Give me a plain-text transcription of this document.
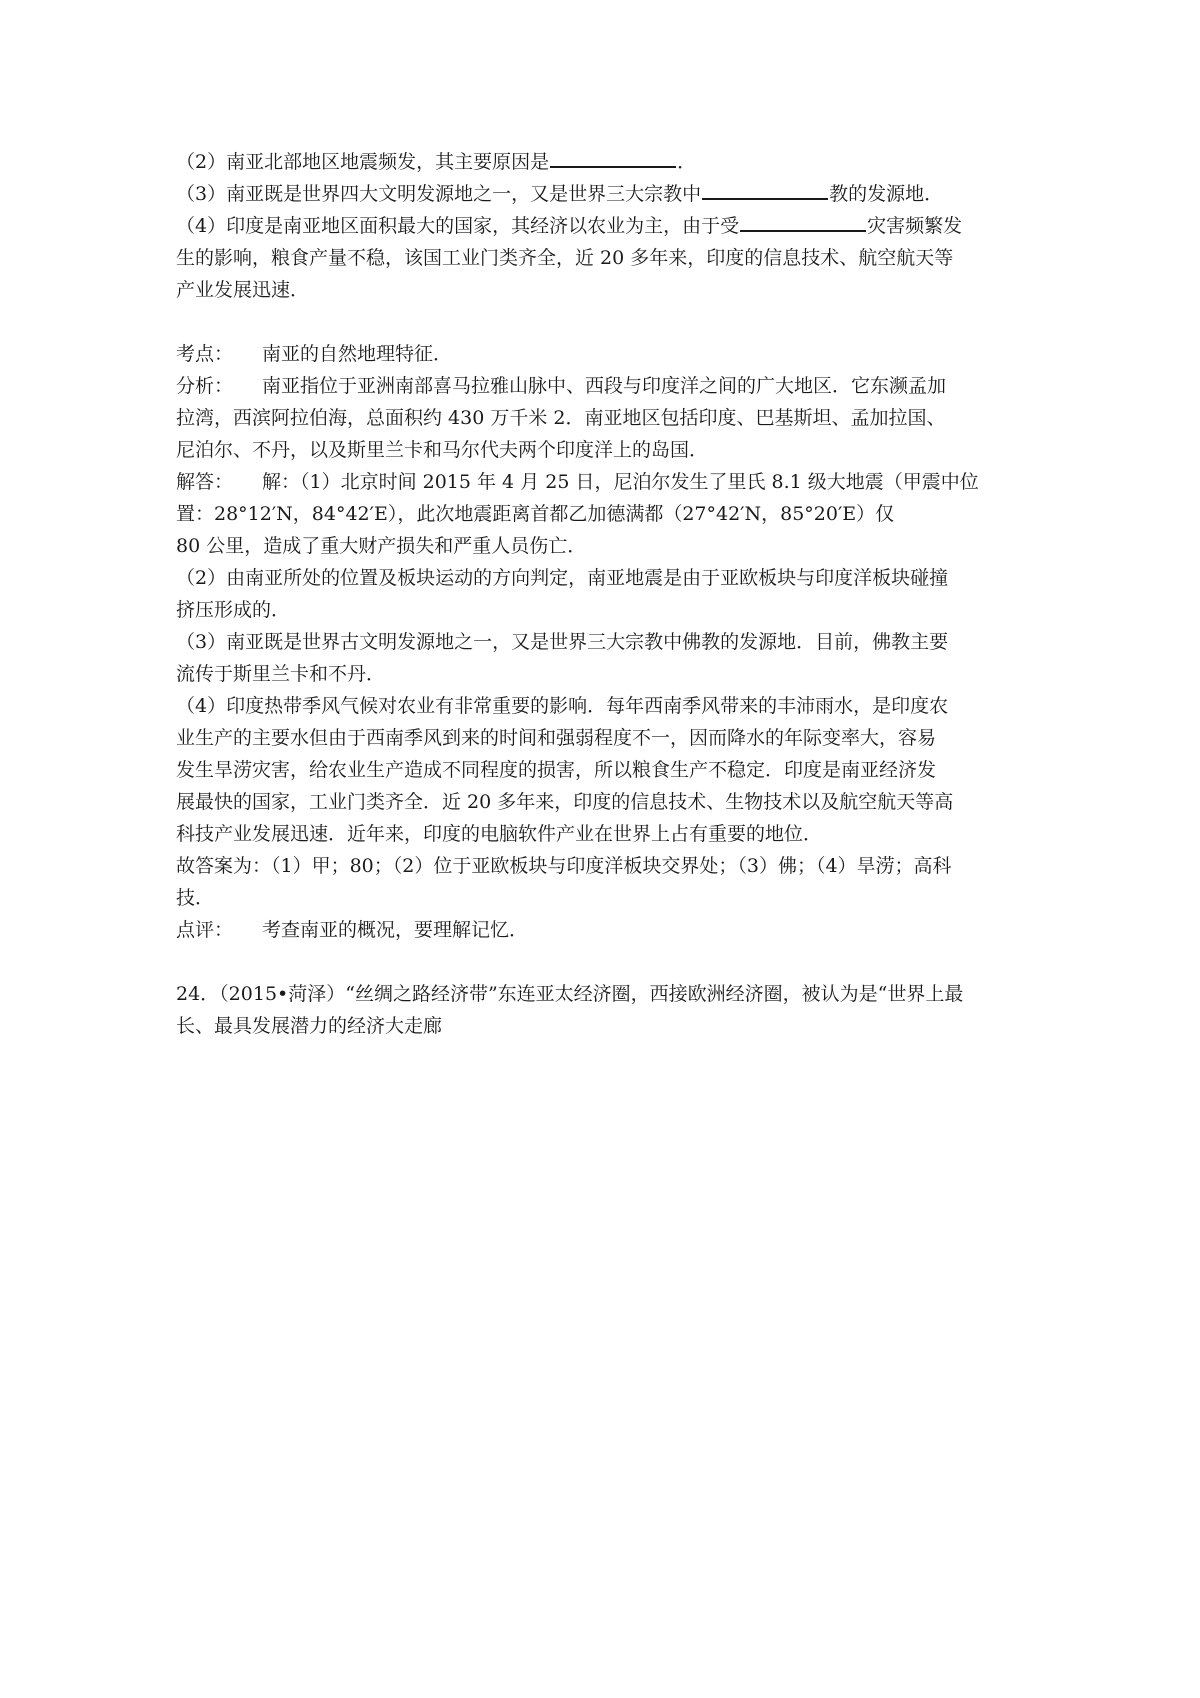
（2）南亚北部地区地震频发，其主要原因是	．

（3）南亚既是世界四大文明发源地之一，又是世界三大宗教中	教的发源地．

（4）印度是南亚地区面积最大的国家，其经济以农业为主，由于受	灾害频繁发

生的影响，粮食产量不稳，该国工业门类齐全，近 20 多年来，印度的信息技术、航空航天等

产业发展迅速．

考点： 南亚的自然地理特征．

分析： 南亚指位于亚洲南部喜马拉雅山脉中、西段与印度洋之间的广大地区．它东濒孟加

拉湾，西滨阿拉伯海，总面积约 430 万千米 2．南亚地区包括印度、巴基斯坦、孟加拉国、

尼泊尔、不丹，以及斯里兰卡和马尔代夫两个印度洋上的岛国．

解答： 解：（1）北京时间 2015 年 4 月 25 日，尼泊尔发生了里氏 8.1 级大地震（甲震中位

置：28°12′N，84°42′E），此次地震距离首都乙加德满都（27°42′N，85°20′E）仅

80 公里，造成了重大财产损失和严重人员伤亡．

（2）由南亚所处的位置及板块运动的方向判定，南亚地震是由于亚欧板块与印度洋板块碰撞

挤压形成的．

（3）南亚既是世界古文明发源地之一，又是世界三大宗教中佛教的发源地．目前，佛教主要

流传于斯里兰卡和不丹．

（4）印度热带季风气候对农业有非常重要的影响．每年西南季风带来的丰沛雨水，是印度农

业生产的主要水但由于西南季风到来的时间和强弱程度不一，因而降水的年际变率大，容易

发生旱涝灾害，给农业生产造成不同程度的损害，所以粮食生产不稳定．印度是南亚经济发

展最快的国家，工业门类齐全．近 20 多年来，印度的信息技术、生物技术以及航空航天等高

科技产业发展迅速．近年来，印度的电脑软件产业在世界上占有重要的地位．

故答案为：（1）甲；80；（2）位于亚欧板块与印度洋板块交界处；（3）佛；（4）旱涝；高科

技．

点评： 考查南亚的概况，要理解记忆．

24．（2015•菏泽）“丝绸之路经济带”东连亚太经济圈，西接欧洲经济圈，被认为是“世界上最

长、最具发展潜力的经济大走廊
